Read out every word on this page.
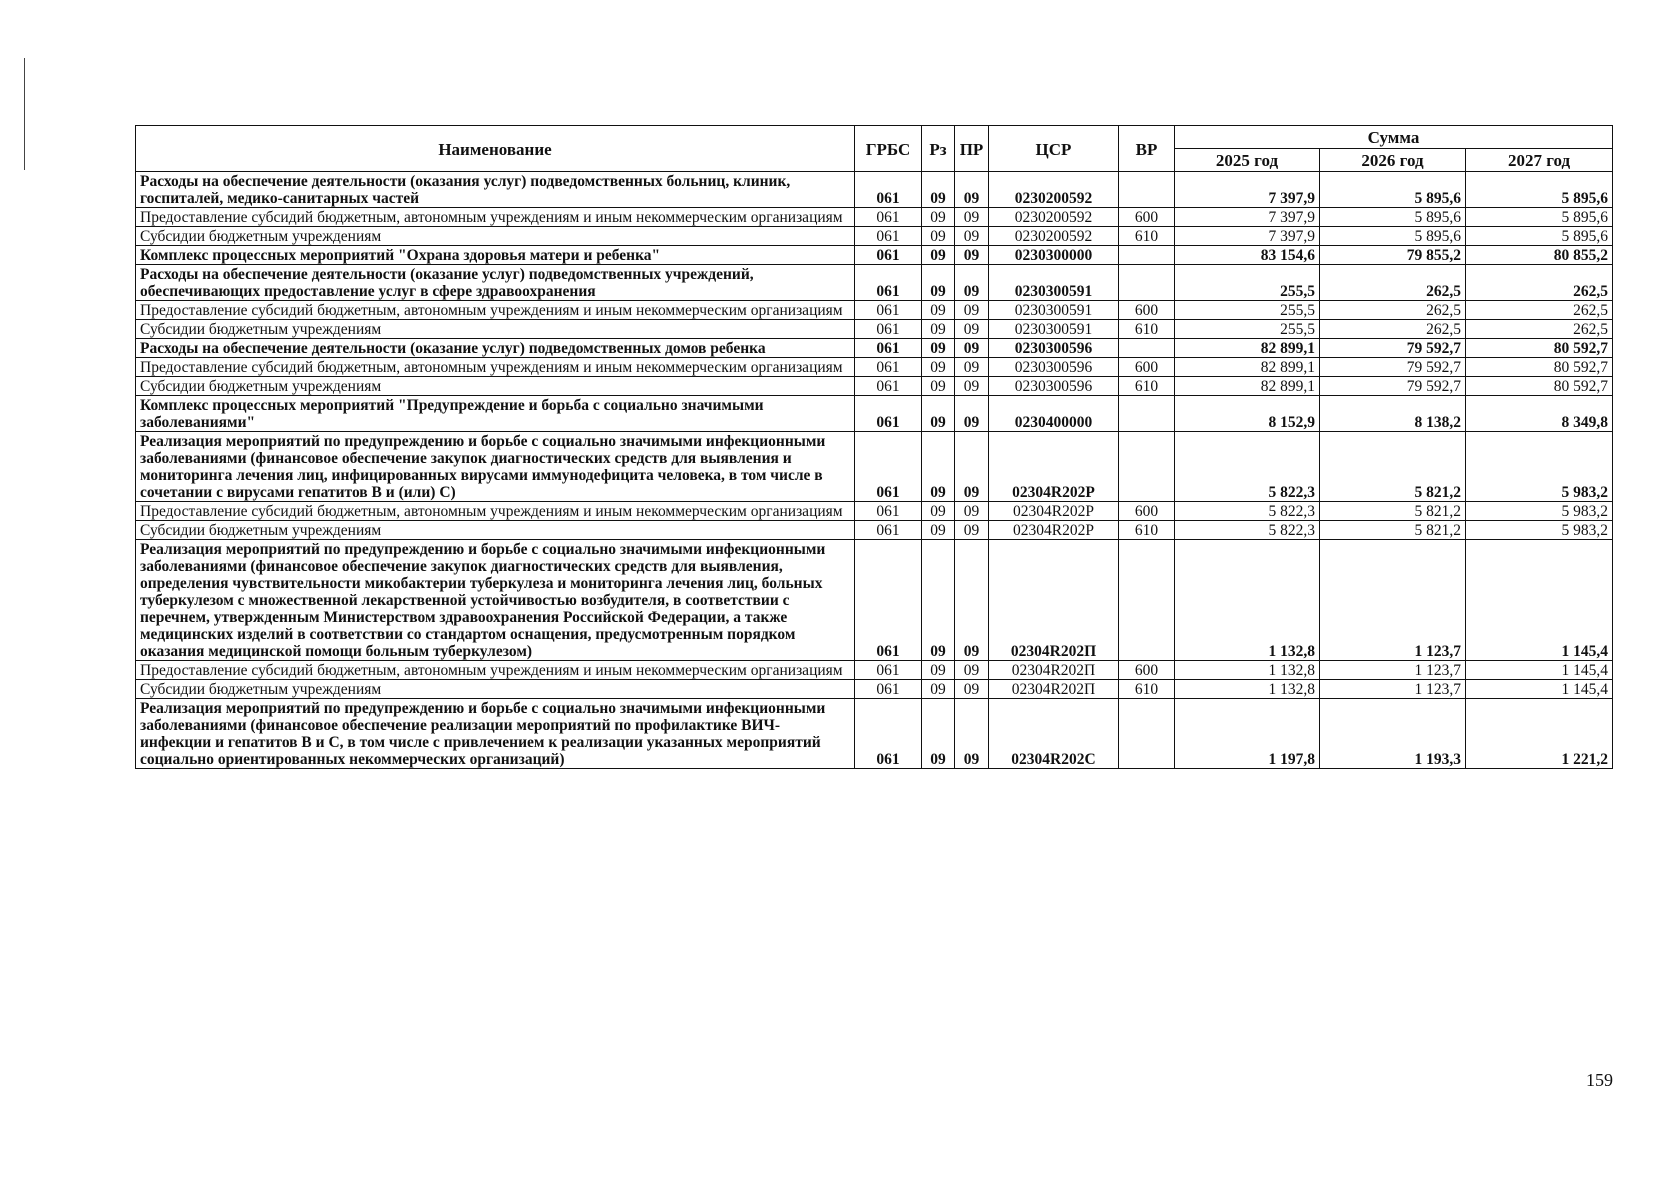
Наименование	ГРБС	Рз	ПР	ЦСР	ВР	Сумма		
						2025 год	2026 год	2027 год
Расходы на обеспечение деятельности (оказания услуг) подведомственных больниц, клиник, госпиталей, медико-санитарных частей	061	09	09	0230200592		7 397,9	5 895,6	5 895,6
Предоставление субсидий бюджетным, автономным учреждениям и иным некоммерческим организациям	061	09	09	0230200592	600	7 397,9	5 895,6	5 895,6
Субсидии бюджетным учреждениям	061	09	09	0230200592	610	7 397,9	5 895,6	5 895,6
Комплекс процессных мероприятий "Охрана здоровья матери и ребенка"	061	09	09	0230300000		83 154,6	79 855,2	80 855,2
Расходы на обеспечение деятельности (оказание услуг) подведомственных учреждений, обеспечивающих предоставление услуг в сфере здравоохранения	061	09	09	0230300591		255,5	262,5	262,5
Предоставление субсидий бюджетным, автономным учреждениям и иным некоммерческим организациям	061	09	09	0230300591	600	255,5	262,5	262,5
Субсидии бюджетным учреждениям	061	09	09	0230300591	610	255,5	262,5	262,5
Расходы на обеспечение деятельности (оказание услуг) подведомственных домов ребенка	061	09	09	0230300596		82 899,1	79 592,7	80 592,7
Предоставление субсидий бюджетным, автономным учреждениям и иным некоммерческим организациям	061	09	09	0230300596	600	82 899,1	79 592,7	80 592,7
Субсидии бюджетным учреждениям	061	09	09	0230300596	610	82 899,1	79 592,7	80 592,7
Комплекс процессных мероприятий "Предупреждение и борьба с социально значимыми заболеваниями"	061	09	09	0230400000		8 152,9	8 138,2	8 349,8
Реализация мероприятий по предупреждению и борьбе с социально значимыми инфекционными заболеваниями (финансовое обеспечение закупок диагностических средств для выявления и мониторинга лечения лиц, инфицированных вирусами иммунодефицита человека, в том числе в сочетании с вирусами гепатитов В и (или) С)	061	09	09	02304R202P		5 822,3	5 821,2	5 983,2
Предоставление субсидий бюджетным, автономным учреждениям и иным некоммерческим организациям	061	09	09	02304R202P	600	5 822,3	5 821,2	5 983,2
Субсидии бюджетным учреждениям	061	09	09	02304R202P	610	5 822,3	5 821,2	5 983,2
Реализация мероприятий по предупреждению и борьбе с социально значимыми инфекционными заболеваниями (финансовое обеспечение закупок диагностических средств для выявления, определения чувствительности микобактерии туберкулеза и мониторинга лечения лиц, больных туберкулезом с множественной лекарственной устойчивостью возбудителя, в соответствии с перечнем, утвержденным Министерством здравоохранения Российской Федерации, а также медицинских изделий в соответствии со стандартом оснащения, предусмотренным порядком оказания медицинской помощи больным туберкулезом)	061	09	09	02304R202П		1 132,8	1 123,7	1 145,4
Предоставление субсидий бюджетным, автономным учреждениям и иным некоммерческим организациям	061	09	09	02304R202П	600	1 132,8	1 123,7	1 145,4
Субсидии бюджетным учреждениям	061	09	09	02304R202П	610	1 132,8	1 123,7	1 145,4
Реализация мероприятий по предупреждению и борьбе с социально значимыми инфекционными заболеваниями (финансовое обеспечение реализации мероприятий по профилактике ВИЧ- инфекции и гепатитов В и С, в том числе с привлечением к реализации указанных мероприятий социально ориентированных некоммерческих организаций)	061	09	09	02304R202C		1 197,8	1 193,3	1 221,2
159
